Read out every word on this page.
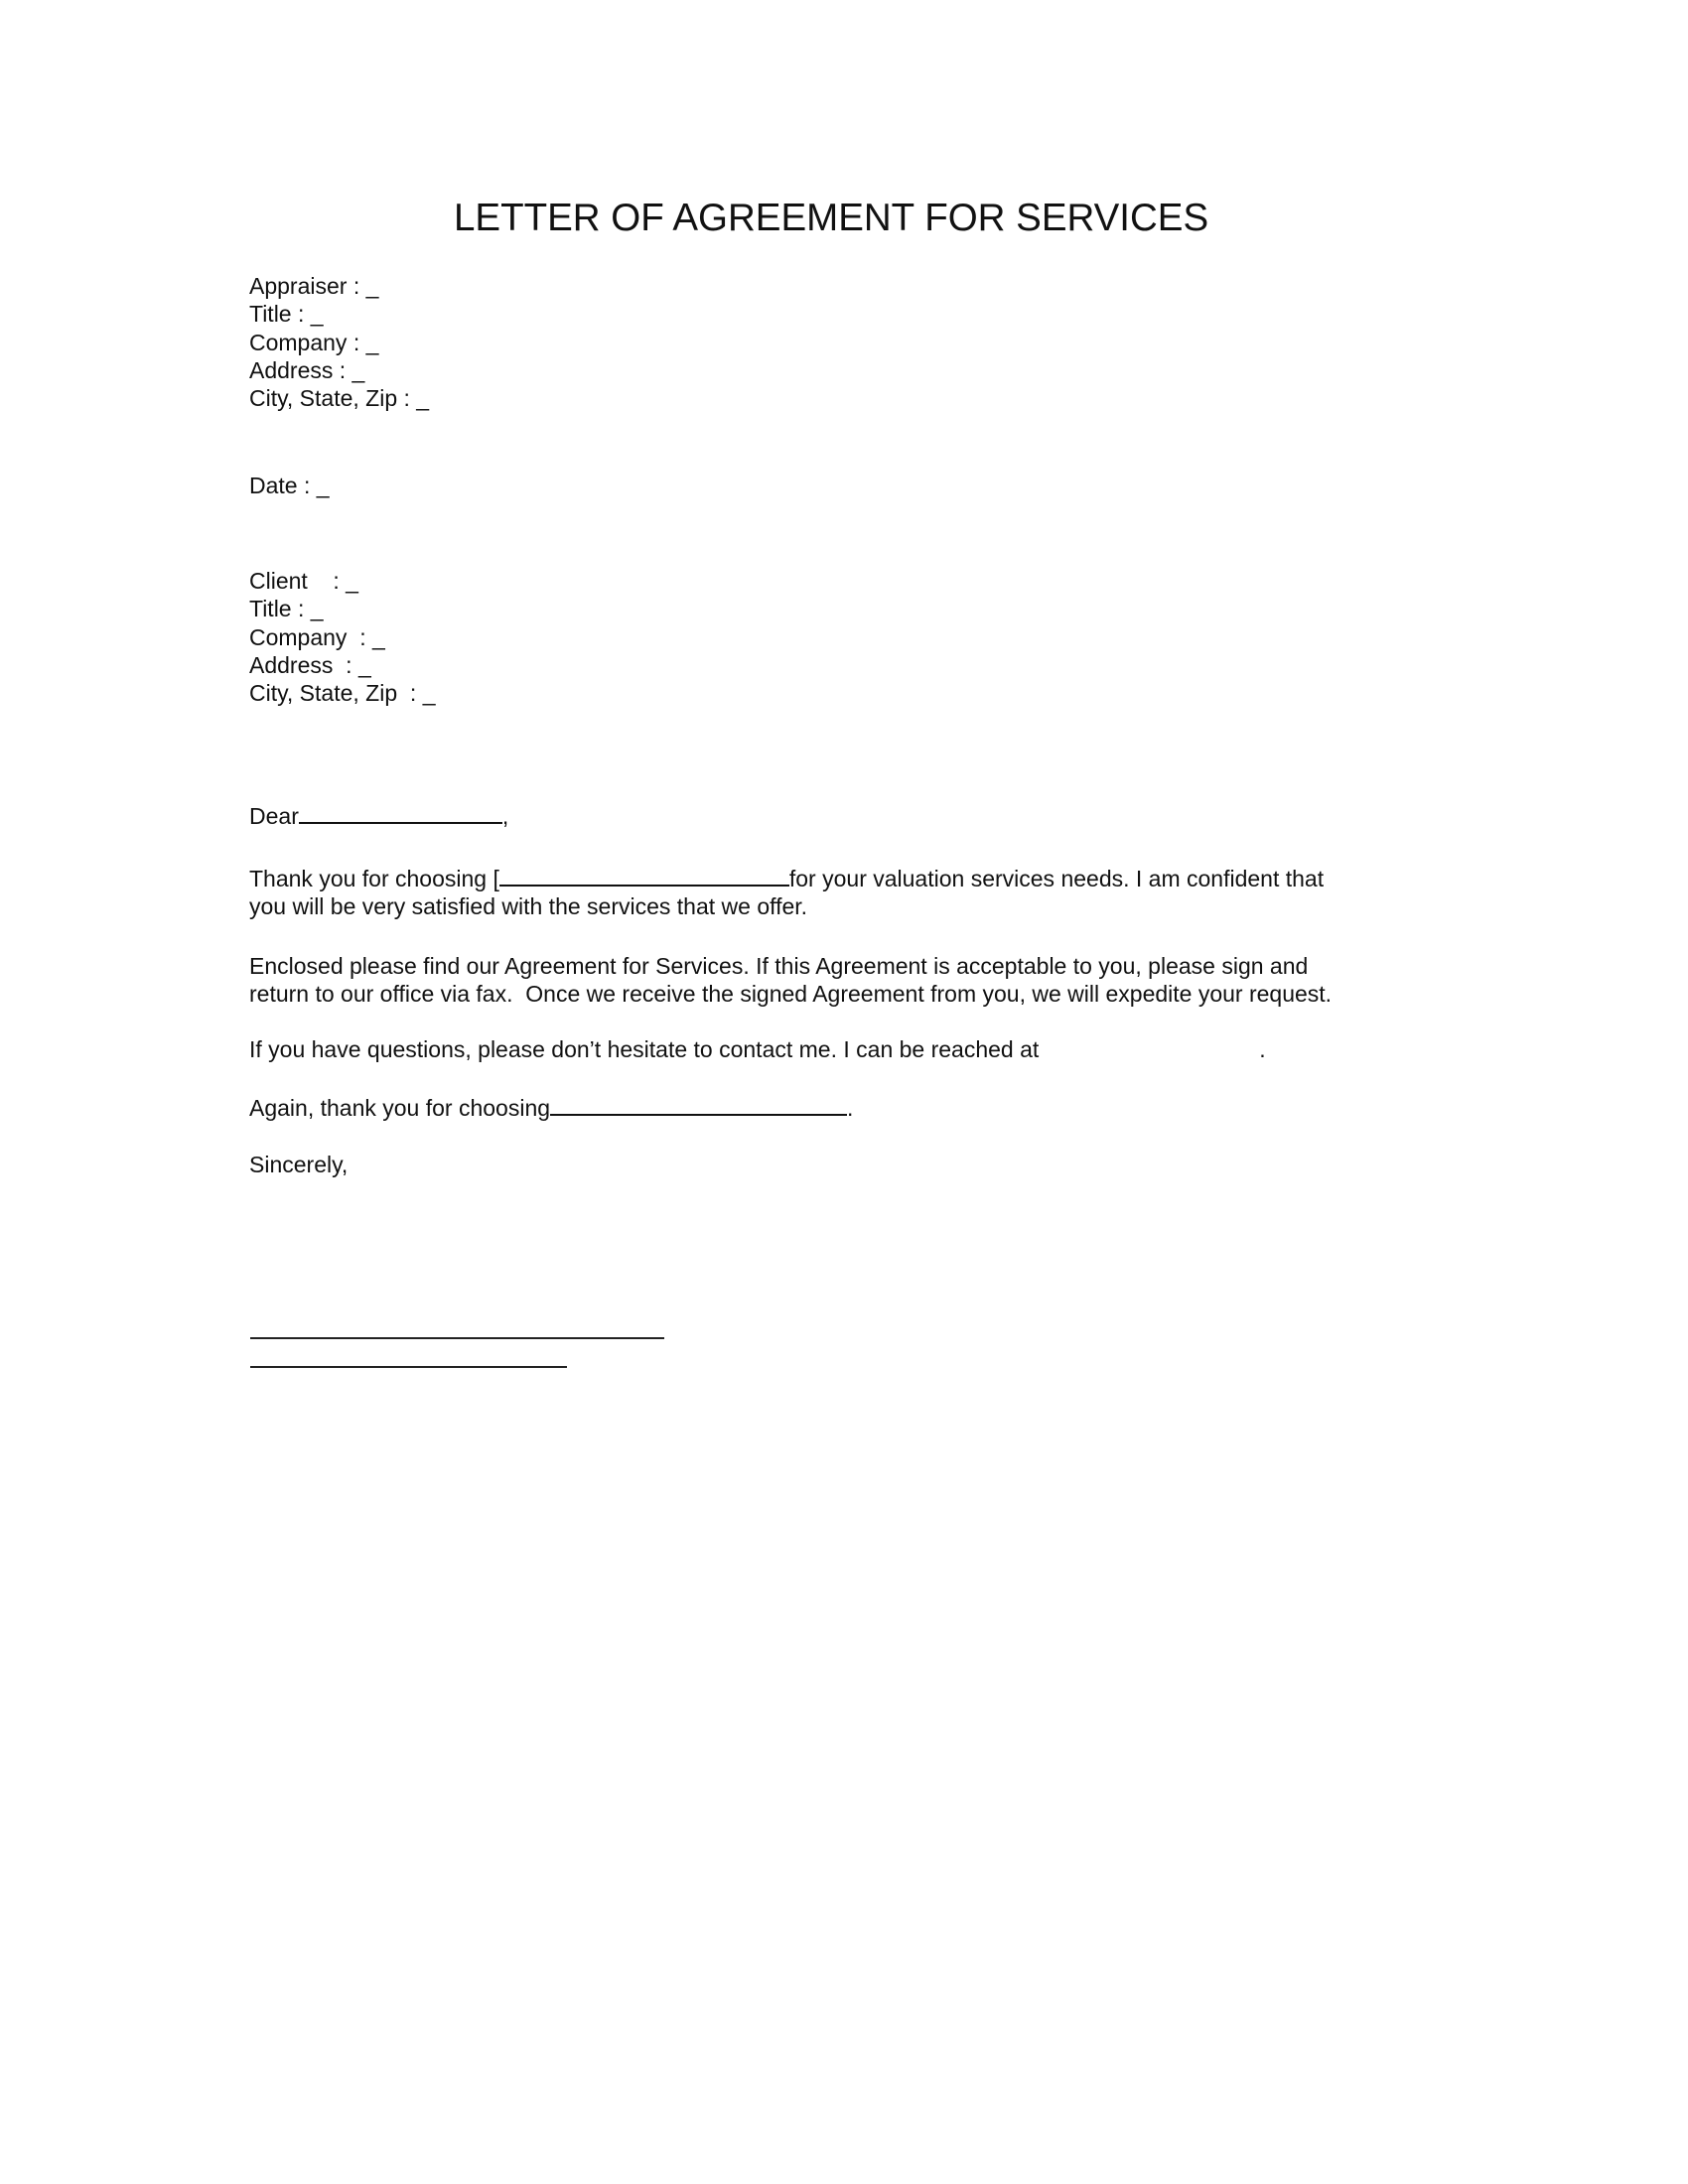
LETTER OF AGREEMENT FOR SERVICES
Appraiser : _
Title : _
Company : _
Address : _
City, State, Zip : _
Date : _
Client    : _
Title : _
Company  : _
Address  : _
City, State, Zip  : _
Dear	,
Thank you for choosing [	for your valuation services needs. I am confident that
you will be very satisfied with the services that we offer.
Enclosed please find our Agreement for Services. If this Agreement is acceptable to you, please sign and
return to our office via fax.  Once we receive the signed Agreement from you, we will expedite your request.
If you have questions, please don’t hesitate to contact me. I can be reached at	.
Again, thank you for choosing	.
Sincerely,
